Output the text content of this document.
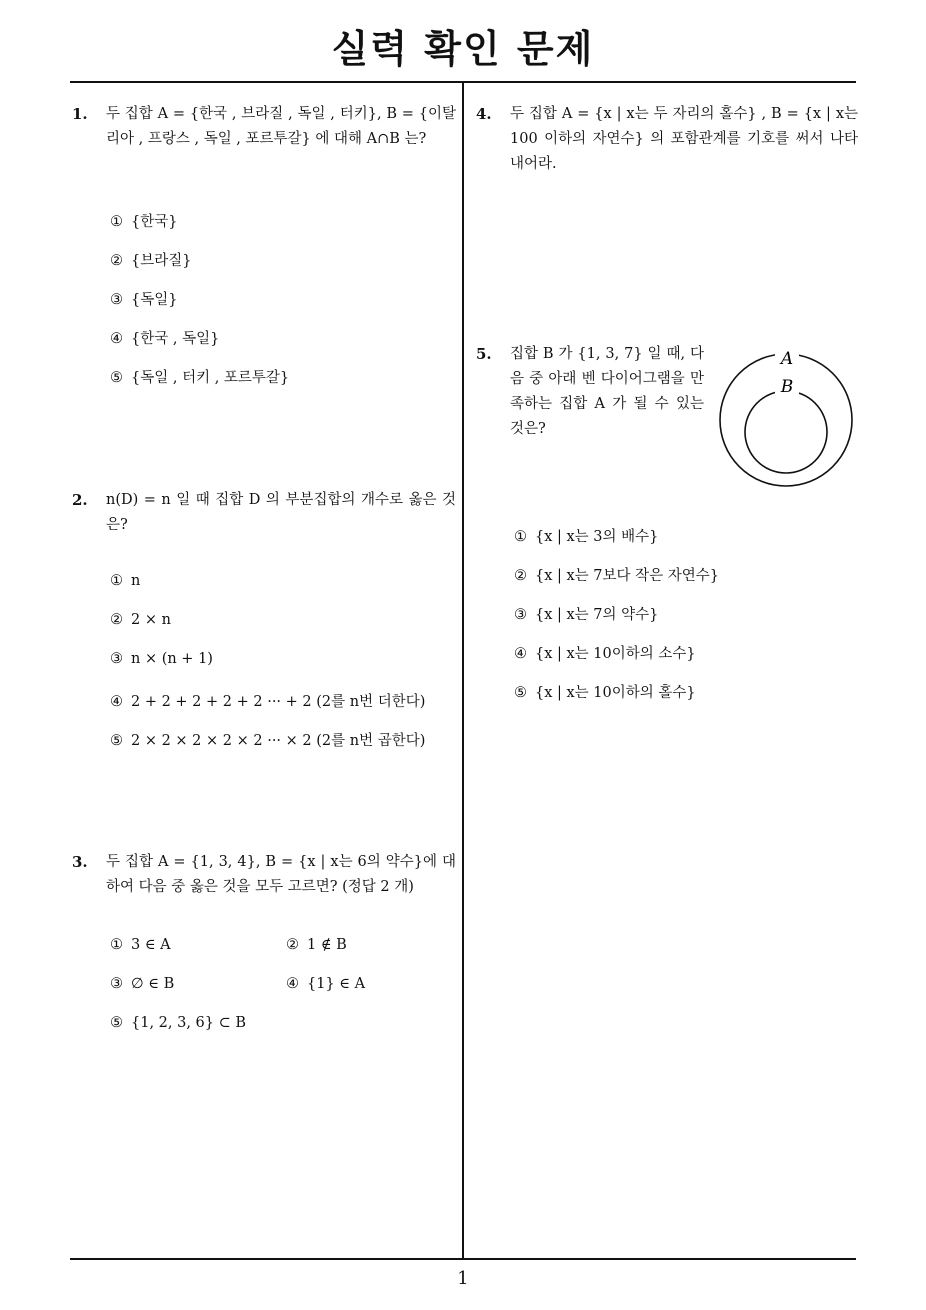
실력 확인 문제
1. 두 집합 A = {한국 , 브라질 , 독일 , 터키}, B = {이탈리아 , 프랑스 , 독일 , 포르투갈} 에 대해 A∩B 는?
① {한국}
② {브라질}
③ {독일}
④ {한국 , 독일}
⑤ {독일 , 터키 , 포르투갈}
2. n(D) = n 일 때 집합 D 의 부분집합의 개수로 옳은 것은?
① n
② 2 × n
③ n × (n + 1)
④ 2 + 2 + 2 + 2 + 2 ··· + 2 (2를 n번 더한다)
⑤ 2 × 2 × 2 × 2 × 2 ··· × 2 (2를 n번 곱한다)
3. 두 집합 A = {1, 3, 4}, B = {x | x는 6의 약수}에 대하여 다음 중 옳은 것을 모두 고르면? (정답 2 개)
① 3 ∈ A	② 1 ∉ B
③ ∅ ∈ B	④ {1} ∈ A
⑤ {1, 2, 3, 6} ⊂ B
4. 두 집합 A = {x | x는 두 자리의 홀수} , B = {x | x는 100 이하의 자연수} 의 포함관계를 기호를 써서 나타내어라.
5. 집합 B 가 {1, 3, 7} 일 때, 다음 중 아래 벤 다이어그램을 만족하는 집합 A 가 될 수 있는 것은?
A
B
① {x | x는 3의 배수}
② {x | x는 7보다 작은 자연수}
③ {x | x는 7의 약수}
④ {x | x는 10이하의 소수}
⑤ {x | x는 10이하의 홀수}
1
